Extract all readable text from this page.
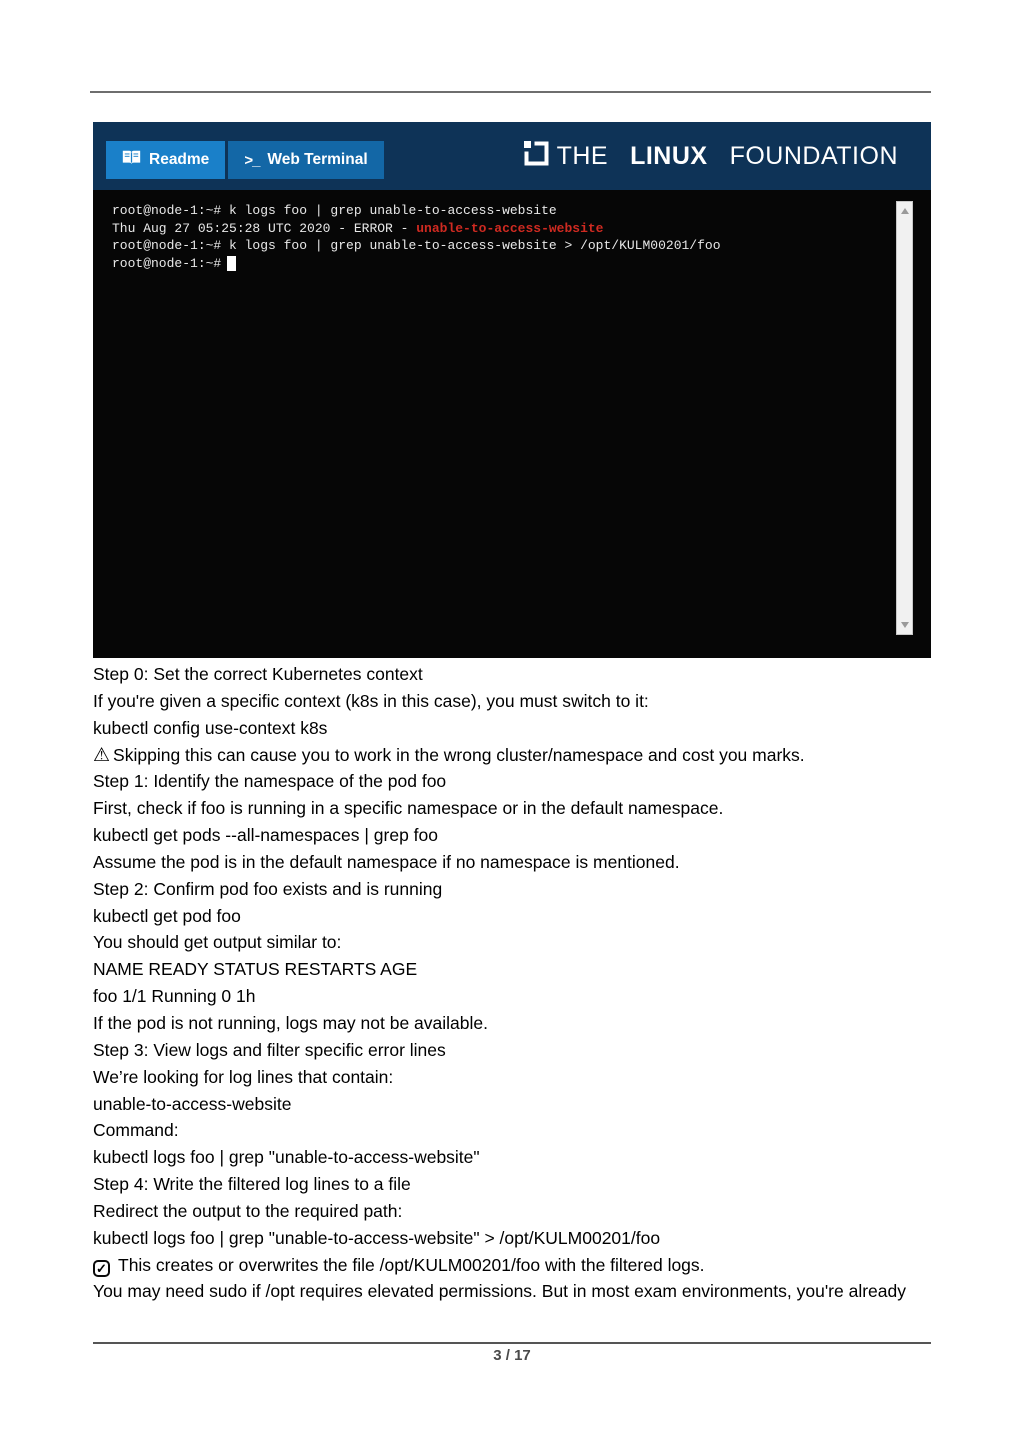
Readme >_ Web Terminal	THE LINUX FOUNDATION
root@node-1:~# k logs foo | grep unable-to-access-website
Thu Aug 27 05:25:28 UTC 2020 - ERROR - unable-to-access-website
root@node-1:~# k logs foo | grep unable-to-access-website > /opt/KULM00201/foo
root@node-1:~#

Step 0: Set the correct Kubernetes context

If you're given a specific context (k8s in this case), you must switch to it:

kubectl config use-context k8s

⚠ Skipping this can cause you to work in the wrong cluster/namespace and cost you marks.

Step 1: Identify the namespace of the pod foo

First, check if foo is running in a specific namespace or in the default namespace.

kubectl get pods --all-namespaces | grep foo

Assume the pod is in the default namespace if no namespace is mentioned.

Step 2: Confirm pod foo exists and is running

kubectl get pod foo

You should get output similar to:

NAME READY STATUS RESTARTS AGE

foo 1/1 Running 0 1h

If the pod is not running, logs may not be available.

Step 3: View logs and filter specific error lines

We’re looking for log lines that contain:

unable-to-access-website

Command:

kubectl logs foo | grep "unable-to-access-website"

Step 4: Write the filtered log lines to a file

Redirect the output to the required path:

kubectl logs foo | grep "unable-to-access-website" > /opt/KULM00201/foo

✓ This creates or overwrites the file /opt/KULM00201/foo with the filtered logs.

You may need sudo if /opt requires elevated permissions. But in most exam environments, you're already

3 / 17
